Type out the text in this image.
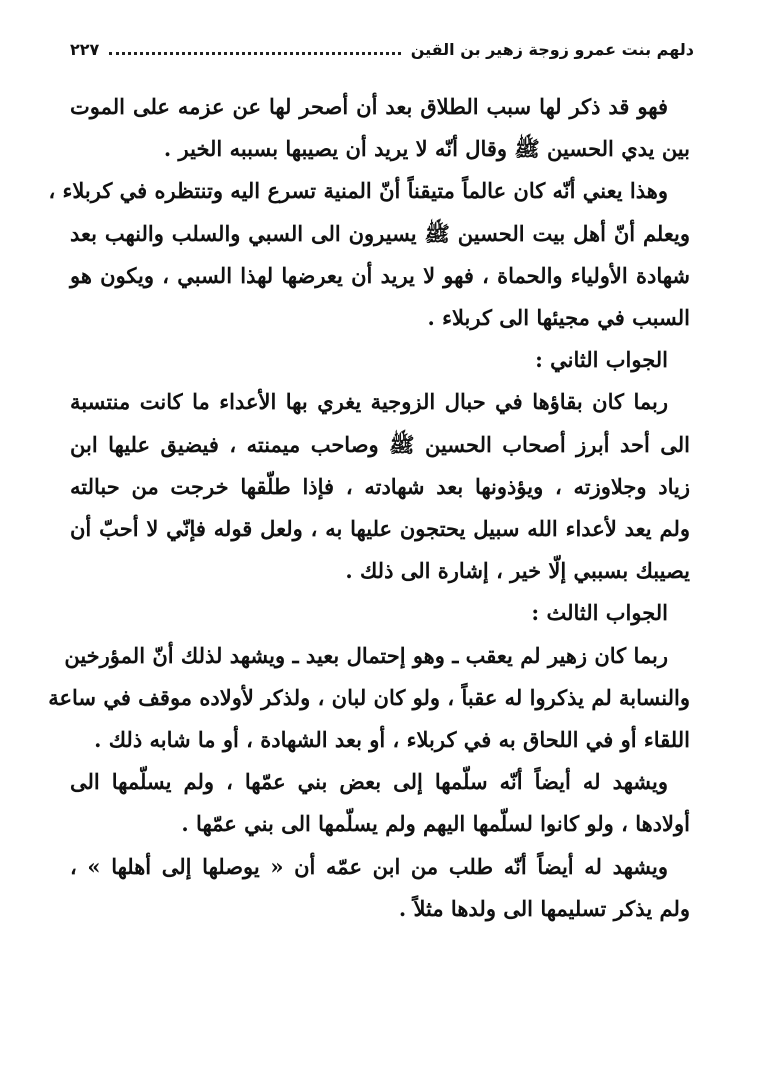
دلهم بنت عمرو زوجة زهير بن القين
٢٢٧
فهو قد ذكر لها سبب الطلاق بعد أن أصحر لها عن عزمه على الموت
بين يدي الحسين ﷺ وقال أنّه لا يريد أن يصيبها بسببه الخير .
وهذا يعني أنّه كان عالماً متيقناً أنّ المنية تسرع اليه وتنتظره في كربلاء ،
ويعلم أنّ أهل بيت الحسين ﷺ يسيرون الى السبي والسلب والنهب بعد
شهادة الأولياء والحماة ، فهو لا يريد أن يعرضها لهذا السبي ، ويكون هو
السبب في مجيئها الى كربلاء .
الجواب الثاني :
ربما كان بقاؤها في حبال الزوجية يغري بها الأعداء ما كانت منتسبة
الى أحد أبرز أصحاب الحسين ﷺ وصاحب ميمنته ، فيضيق عليها ابن
زياد وجلاوزته ، ويؤذونها بعد شهادته ، فإذا طلّقها خرجت من حبالته
ولم يعد لأعداء الله سبيل يحتجون عليها به ، ولعل قوله فإنّي لا أحبّ أن
يصيبك بسببي إلّا خير ، إشارة الى ذلك .
الجواب الثالث :
ربما كان زهير لم يعقب ـ وهو إحتمال بعيد ـ ويشهد لذلك أنّ المؤرخين
والنسابة لم يذكروا له عقباً ، ولو كان لبان ، ولذكر لأولاده موقف في ساعة
اللقاء أو في اللحاق به في كربلاء ، أو بعد الشهادة ، أو ما شابه ذلك .
ويشهد له أيضاً أنّه سلّمها إلى بعض بني عمّها ، ولم يسلّمها الى
أولادها ، ولو كانوا لسلّمها اليهم ولم يسلّمها الى بني عمّها .
ويشهد له أيضاً أنّه طلب من ابن عمّه أن « يوصلها إلى أهلها » ،
ولم يذكر تسليمها الى ولدها مثلاً .
